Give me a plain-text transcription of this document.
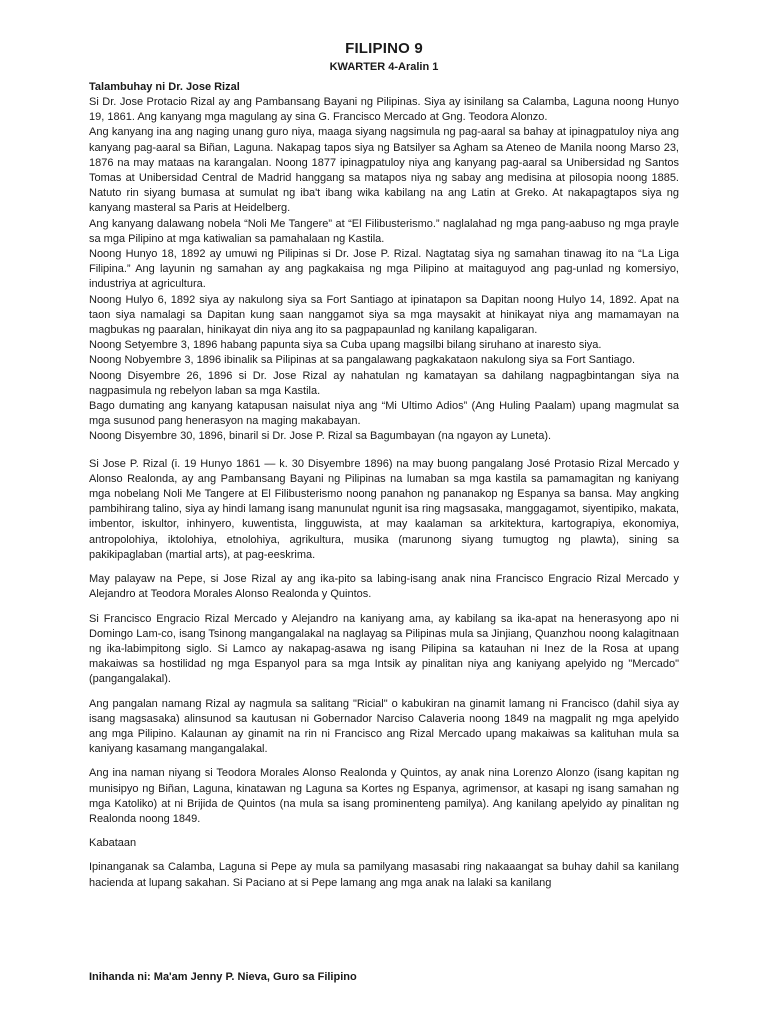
FILIPINO 9
KWARTER 4-Aralin 1
Talambuhay ni Dr. Jose Rizal

Si Dr. Jose Protacio Rizal ay ang Pambansang Bayani ng Pilipinas. Siya ay isinilang sa Calamba, Laguna noong Hunyo 19, 1861. Ang kanyang mga magulang ay sina G. Francisco Mercado at Gng. Teodora Alonzo.

Ang kanyang ina ang naging unang guro niya, maaga siyang nagsimula ng pag-aaral sa bahay at ipinagpatuloy niya ang kanyang pag-aaral sa Biñan, Laguna. Nakapag tapos siya ng Batsilyer sa Agham sa Ateneo de Manila noong Marso 23, 1876 na may mataas na karangalan. Noong 1877 ipinagpatuloy niya ang kanyang pag-aaral sa Unibersidad ng Santos Tomas at Unibersidad Central de Madrid hanggang sa matapos niya ng sabay ang medisina at pilosopia noong 1885. Natuto rin siyang bumasa at sumulat ng iba't ibang wika kabilang na ang Latin at Greko. At nakapagtapos siya ng kanyang masteral sa Paris at Heidelberg.

Ang kanyang dalawang nobela “Noli Me Tangere” at “El Filibusterismo.” naglalahad ng mga pang-aabuso ng mga prayle sa mga Pilipino at mga katiwalian sa pamahalaan ng Kastila.

Noong Hunyo 18, 1892 ay umuwi ng Pilipinas si Dr. Jose P. Rizal. Nagtatag siya ng samahan tinawag ito na “La Liga Filipina.” Ang layunin ng samahan ay ang pagkakaisa ng mga Pilipino at maitaguyod ang pag-unlad ng komersiyo, industriya at agricultura.

Noong Hulyo 6, 1892 siya ay nakulong siya sa Fort Santiago at ipinatapon sa Dapitan noong Hulyo 14, 1892. Apat na taon siya namalagi sa Dapitan kung saan nanggamot siya sa mga maysakit at hinikayat niya ang mamamayan na magbukas ng paaralan, hinikayat din niya ang ito sa pagpapaunlad ng kanilang kapaligaran.

Noong Setyembre 3, 1896 habang papunta siya sa Cuba upang magsilbi bilang siruhano at inaresto siya.

Noong Nobyembre 3, 1896 ibinalik sa Pilipinas at sa pangalawang pagkakataon nakulong siya sa Fort Santiago.

Noong Disyembre 26, 1896 si Dr. Jose Rizal ay nahatulan ng kamatayan sa dahilang nagpagbintangan siya na nagpasimula ng rebelyon laban sa mga Kastila.

Bago dumating ang kanyang katapusan naisulat niya ang “Mi Ultimo Adios” (Ang Huling Paalam) upang magmulat sa mga susunod pang henerasyon na maging makabayan.

Noong Disyembre 30, 1896, binaril si Dr. Jose P. Rizal sa Bagumbayan (na ngayon ay Luneta).

Si Jose P. Rizal (i. 19 Hunyo 1861 — k. 30 Disyembre 1896) na may buong pangalang José Protasio Rizal Mercado y Alonso Realonda, ay ang Pambansang Bayani ng Pilipinas na lumaban sa mga kastila sa pamamagitan ng kaniyang mga nobelang Noli Me Tangere at El Filibusterismo noong panahon ng pananakop ng Espanya sa bansa. May angking pambihirang talino, siya ay hindi lamang isang manunulat ngunit isa ring magsasaka, manggagamot, siyentipiko, makata, imbentor, iskultor, inhinyero, kuwentista, lingguwista, at may kaalaman sa arkitektura, kartograpiya, ekonomiya, antropolohiya, iktolohiya, etnolohiya, agrikultura, musika (marunong siyang tumugtog ng plawta), sining sa pakikipaglaban (martial arts), at pag-eeskrima.

May palayaw na Pepe, si Jose Rizal ay ang ika-pito sa labing-isang anak nina Francisco Engracio Rizal Mercado y Alejandro at Teodora Morales Alonso Realonda y Quintos.

Si Francisco Engracio Rizal Mercado y Alejandro na kaniyang ama, ay kabilang sa ika-apat na henerasyong apo ni Domingo Lam-co, isang Tsinong mangangalakal na naglayag sa Pilipinas mula sa Jinjiang, Quanzhou noong kalagitnaan ng ika-labimpitong siglo. Si Lamco ay nakapag-asawa ng isang Pilipina sa katauhan ni Inez de la Rosa at upang makaiwas sa hostilidad ng mga Espanyol para sa mga Intsik ay pinalitan niya ang kaniyang apelyido ng "Mercado" (pangangalakal).

Ang pangalan namang Rizal ay nagmula sa salitang "Ricial" o kabukiran na ginamit lamang ni Francisco (dahil siya ay isang magsasaka) alinsunod sa kautusan ni Gobernador Narciso Calaveria noong 1849 na magpalit ng mga apelyido ang mga Pilipino. Kalaunan ay ginamit na rin ni Francisco ang Rizal Mercado upang makaiwas sa kalituhan mula sa kaniyang kasamang mangangalakal.

Ang ina naman niyang si Teodora Morales Alonso Realonda y Quintos, ay anak nina Lorenzo Alonzo (isang kapitan ng munisipyo ng Biñan, Laguna, kinatawan ng Laguna sa Kortes ng Espanya, agrimensor, at kasapi ng isang samahan ng mga Katoliko) at ni Brijida de Quintos (na mula sa isang prominenteng pamilya). Ang kanilang apelyido ay pinalitan ng Realonda noong 1849.

Kabataan

Ipinanganak sa Calamba, Laguna si Pepe ay mula sa pamilyang masasabi ring nakaaangat sa buhay dahil sa kanilang hacienda at lupang sakahan. Si Paciano at si Pepe lamang ang mga anak na lalaki sa kanilang

Inihanda ni: Ma'am Jenny P. Nieva, Guro sa Filipino
